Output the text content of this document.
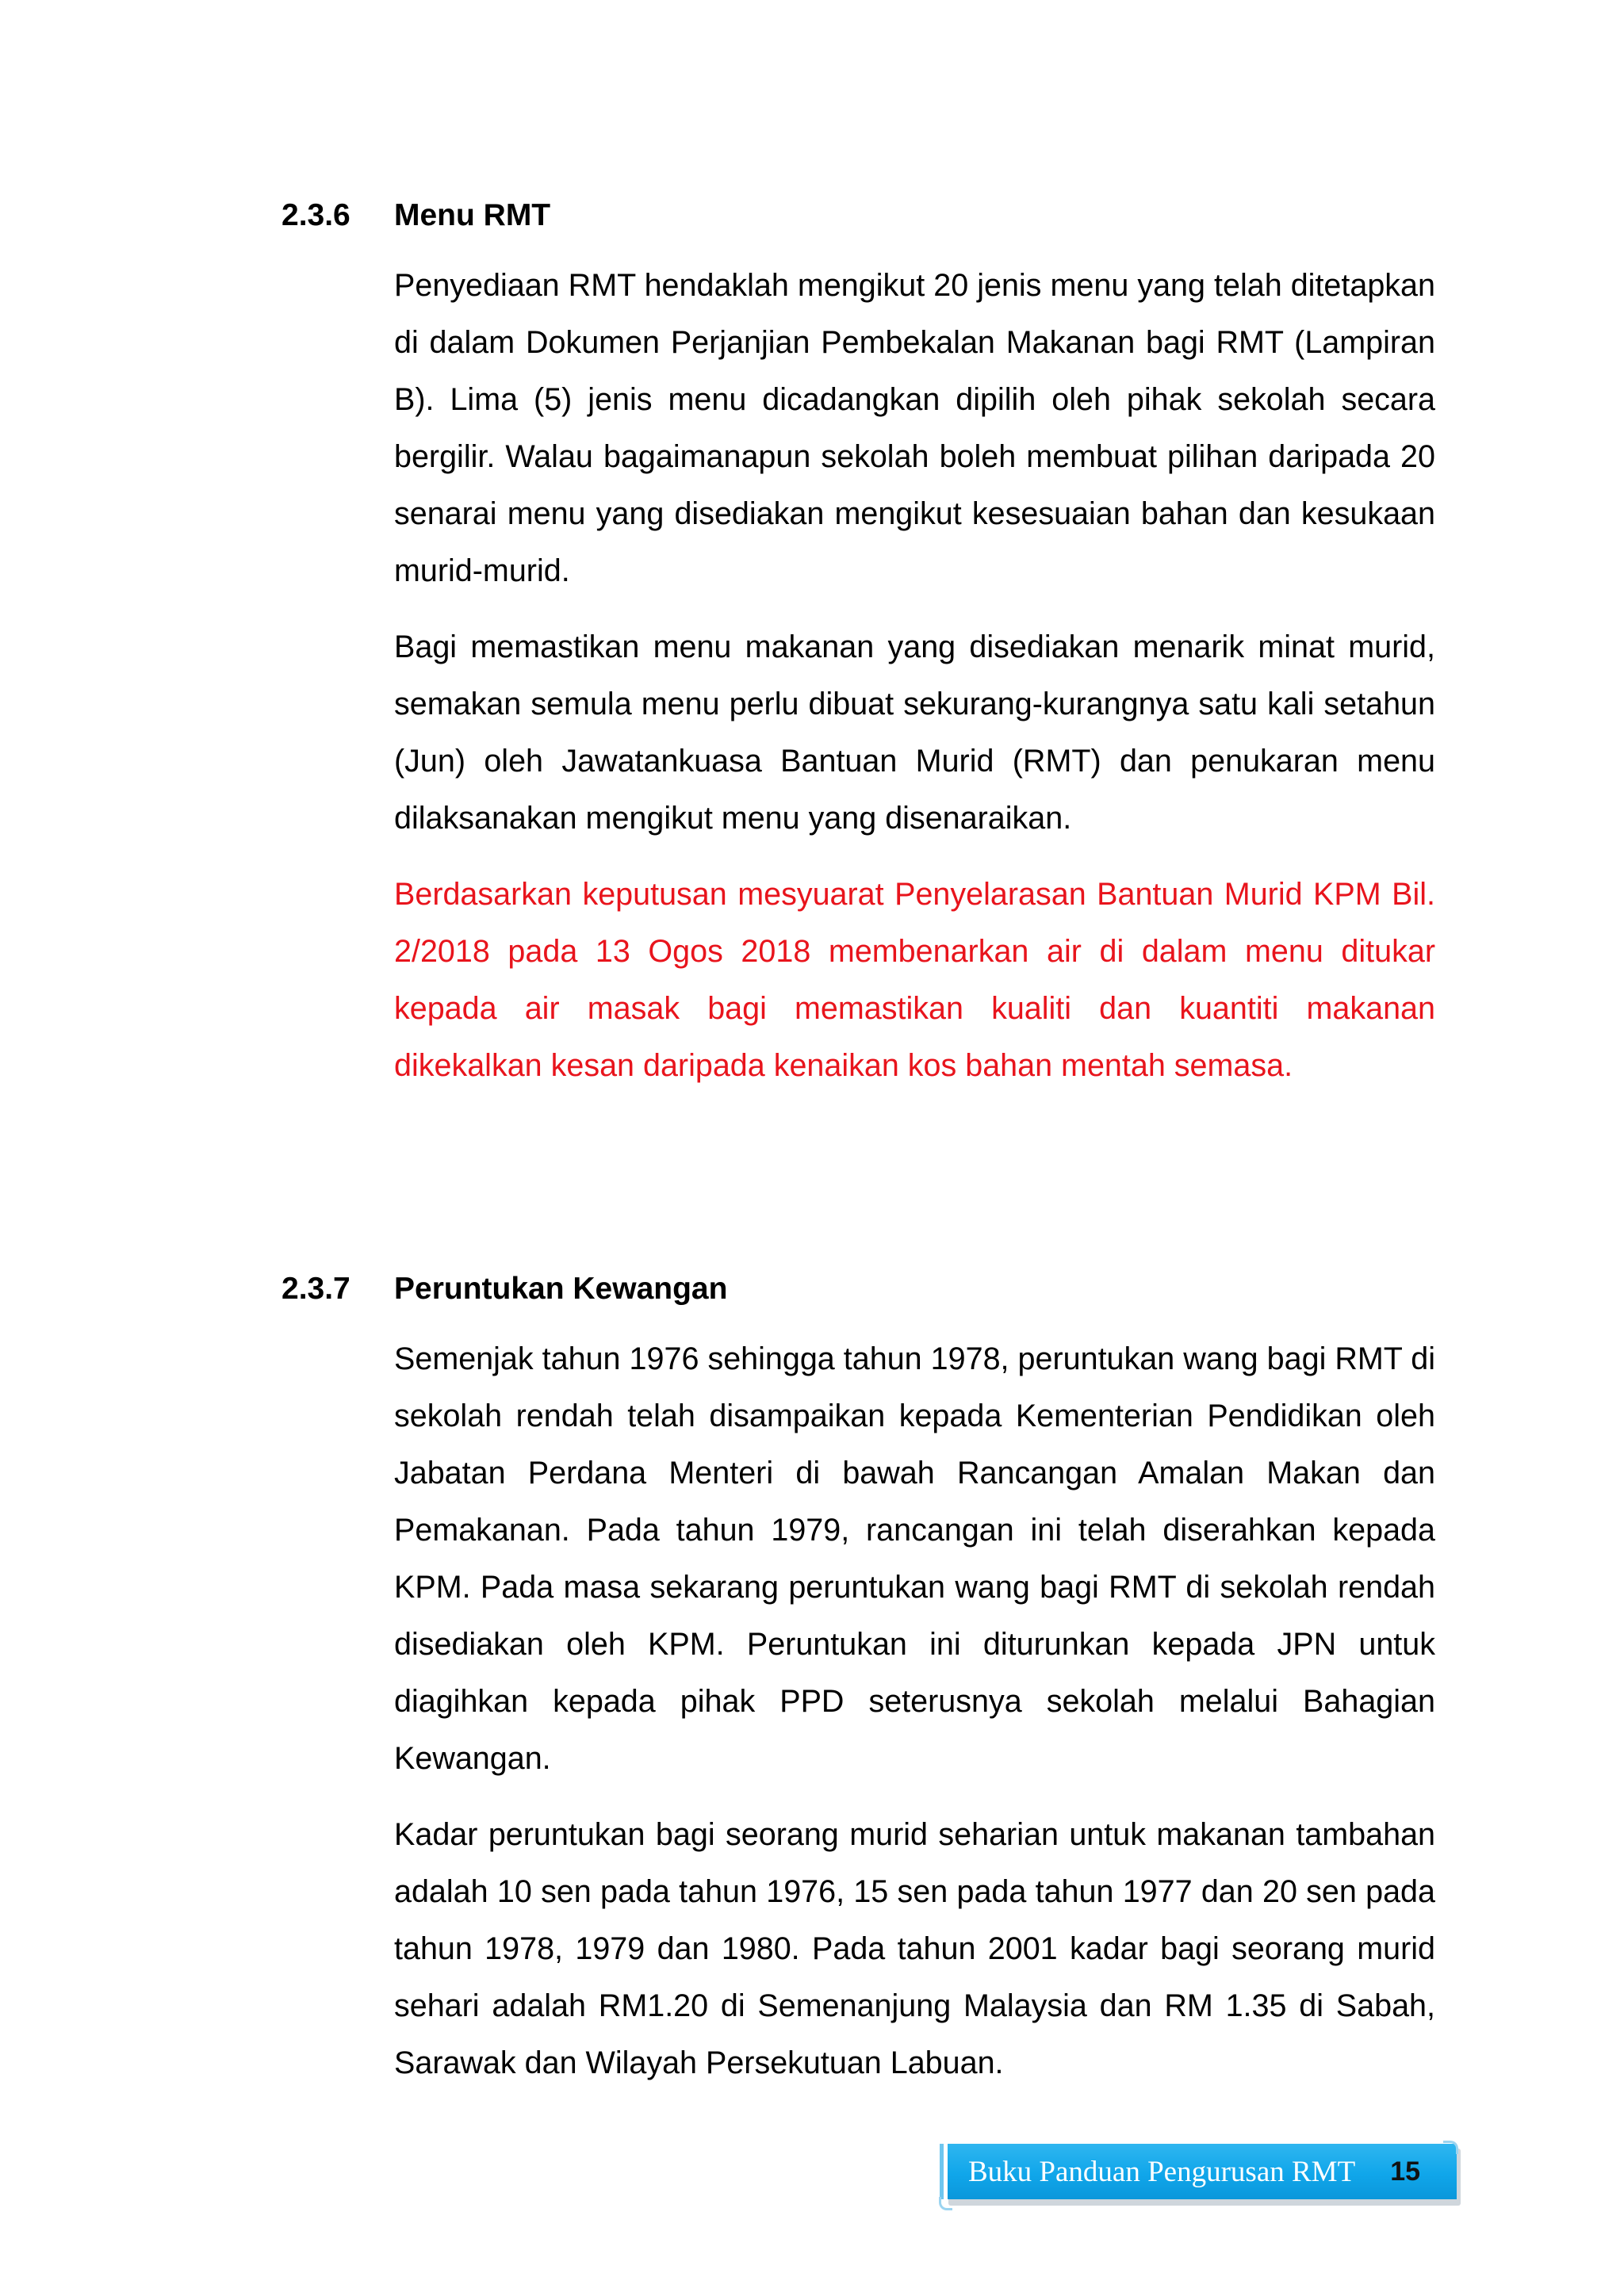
2.3.6	Menu RMT

Penyediaan RMT hendaklah mengikut 20 jenis menu yang telah ditetapkan di dalam Dokumen Perjanjian Pembekalan Makanan bagi RMT (Lampiran B). Lima (5) jenis menu dicadangkan dipilih oleh pihak sekolah secara bergilir. Walau bagaimanapun sekolah boleh membuat pilihan daripada 20 senarai menu yang disediakan mengikut kesesuaian bahan dan kesukaan murid-murid.

Bagi memastikan menu makanan yang disediakan menarik minat murid, semakan semula menu perlu dibuat sekurang-kurangnya satu kali setahun (Jun) oleh Jawatankuasa Bantuan Murid (RMT) dan penukaran menu dilaksanakan mengikut menu yang disenaraikan.

Berdasarkan keputusan mesyuarat Penyelarasan Bantuan Murid KPM Bil. 2/2018 pada 13 Ogos 2018 membenarkan air di dalam menu ditukar kepada air masak bagi memastikan kualiti dan kuantiti makanan dikekalkan kesan daripada kenaikan kos bahan mentah semasa.

2.3.7	Peruntukan Kewangan

Semenjak tahun 1976 sehingga tahun 1978, peruntukan wang bagi RMT di sekolah rendah telah disampaikan kepada Kementerian Pendidikan oleh Jabatan Perdana Menteri di bawah Rancangan Amalan Makan dan Pemakanan. Pada tahun 1979, rancangan ini telah diserahkan kepada KPM. Pada masa sekarang peruntukan wang bagi RMT di sekolah rendah disediakan oleh KPM. Peruntukan ini diturunkan kepada JPN untuk diagihkan kepada pihak PPD seterusnya sekolah melalui Bahagian Kewangan.

Kadar peruntukan bagi seorang murid seharian untuk makanan tambahan adalah 10 sen pada tahun 1976, 15 sen pada tahun 1977 dan 20 sen pada tahun 1978, 1979 dan 1980. Pada tahun 2001 kadar bagi seorang murid sehari adalah RM1.20 di Semenanjung Malaysia dan RM 1.35 di Sabah, Sarawak dan Wilayah Persekutuan Labuan.

Buku Panduan Pengurusan RMT 15
